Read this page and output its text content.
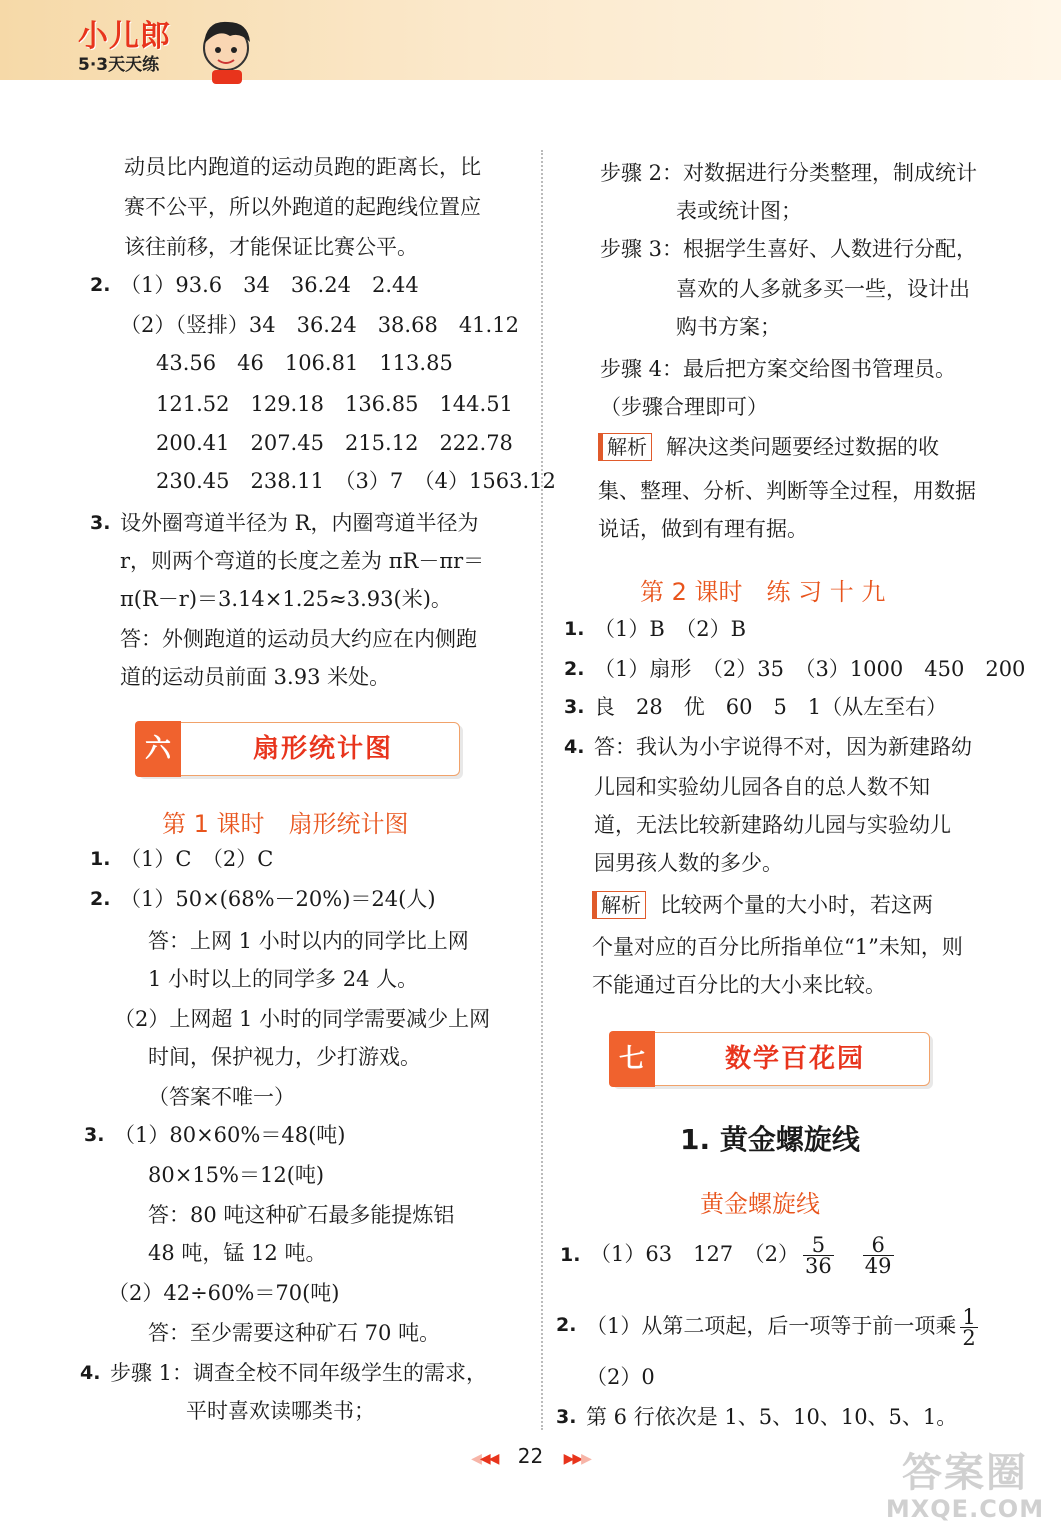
小儿郎
5·3天天练
动员比内跑道的运动员跑的距离长，比
赛不公平，所以外跑道的起跑线位置应
该往前移，才能保证比赛公平。
2. （1）93.6　34　36.24　2.44
（2）（竖排）34　36.24　38.68　41.12
43.56　46　106.81　113.85
121.52　129.18　136.85　144.51
200.41　207.45　215.12　222.78
230.45　238.11　（3）7　（4）1563.12
3. 设外圈弯道半径为 R，内圈弯道半径为
r，则两个弯道的长度之差为 πR－πr＝
π(R－r)＝3.14×1.25≈3.93(米)。
答：外侧跑道的运动员大约应在内侧跑
道的运动员前面 3.93 米处。
六	扇形统计图
第 1 课时　扇形统计图
1. （1）C　（2）C
2. （1）50×(68%－20%)＝24(人)
答：上网 1 小时以内的同学比上网
1 小时以上的同学多 24 人。
（2）上网超 1 小时的同学需要减少上网
时间，保护视力，少打游戏。
（答案不唯一）
3. （1）80×60%＝48(吨)
80×15%＝12(吨)
答：80 吨这种矿石最多能提炼铝
48 吨，锰 12 吨。
（2）42÷60%＝70(吨)
答：至少需要这种矿石 70 吨。
4. 步骤 1：调查全校不同年级学生的需求，
平时喜欢读哪类书；
步骤 2：对数据进行分类整理，制成统计
表或统计图；
步骤 3：根据学生喜好、人数进行分配，
喜欢的人多就多买一些，设计出
购书方案；
步骤 4：最后把方案交给图书管理员。
（步骤合理即可）
解析 解决这类问题要经过数据的收
集、整理、分析、判断等全过程，用数据
说话，做到有理有据。
第 2 课时　练 习 十 九
1. （1）B　（2）B
2. （1）扇形　（2）35　（3）1000　450　200
3. 良　28　优　60　5　1（从左至右）
4. 答：我认为小宇说得不对，因为新建路幼
儿园和实验幼儿园各自的总人数不知
道，无法比较新建路幼儿园与实验幼儿
园男孩人数的多少。
解析 比较两个量的大小时，若这两
个量对应的百分比所指单位“1”未知，则
不能通过百分比的大小来比较。
七	数学百花园
1. 黄金螺旋线
黄金螺旋线
1. （1）63　127　$(2) \frac{5}{36}$
　 $\frac{6}{49}$
2. （1）从第二项起，后一项等于前一项乘 $\frac{1}{2}$
（2）0
3. 第 6 行依次是 1、5、10、10、5、1。
◀◀◀ 22 ▶▶▶	答案圈
MXQE.COM
